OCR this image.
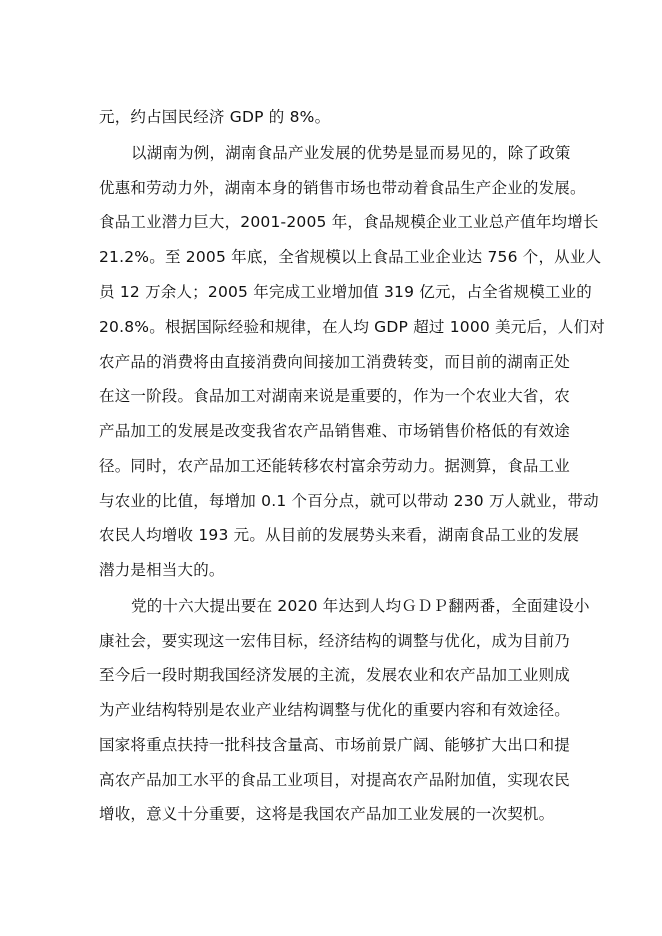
元，约占国民经济 GDP 的 8%。
以湖南为例，湖南食品产业发展的优势是显而易见的，除了政策
优惠和劳动力外，湖南本身的销售市场也带动着食品生产企业的发展。
食品工业潜力巨大，2001-2005 年，食品规模企业工业总产值年均增长
21.2%。至 2005 年底，全省规模以上食品工业企业达 756 个，从业人
员 12 万余人；2005 年完成工业增加值 319 亿元，占全省规模工业的
20.8%。根据国际经验和规律，在人均 GDP 超过 1000 美元后，人们对
农产品的消费将由直接消费向间接加工消费转变，而目前的湖南正处
在这一阶段。食品加工对湖南来说是重要的，作为一个农业大省，农
产品加工的发展是改变我省农产品销售难、市场销售价格低的有效途
径。同时，农产品加工还能转移农村富余劳动力。据测算，食品工业
与农业的比值，每增加 0.1 个百分点，就可以带动 230 万人就业，带动
农民人均增收 193 元。从目前的发展势头来看，湖南食品工业的发展
潜力是相当大的。
党的十六大提出要在 2020 年达到人均ＧＤＰ翻两番，全面建设小
康社会，要实现这一宏伟目标，经济结构的调整与优化，成为目前乃
至今后一段时期我国经济发展的主流，发展农业和农产品加工业则成
为产业结构特别是农业产业结构调整与优化的重要内容和有效途径。
国家将重点扶持一批科技含量高、市场前景广阔、能够扩大出口和提
高农产品加工水平的食品工业项目，对提高农产品附加值，实现农民
增收，意义十分重要，这将是我国农产品加工业发展的一次契机。
